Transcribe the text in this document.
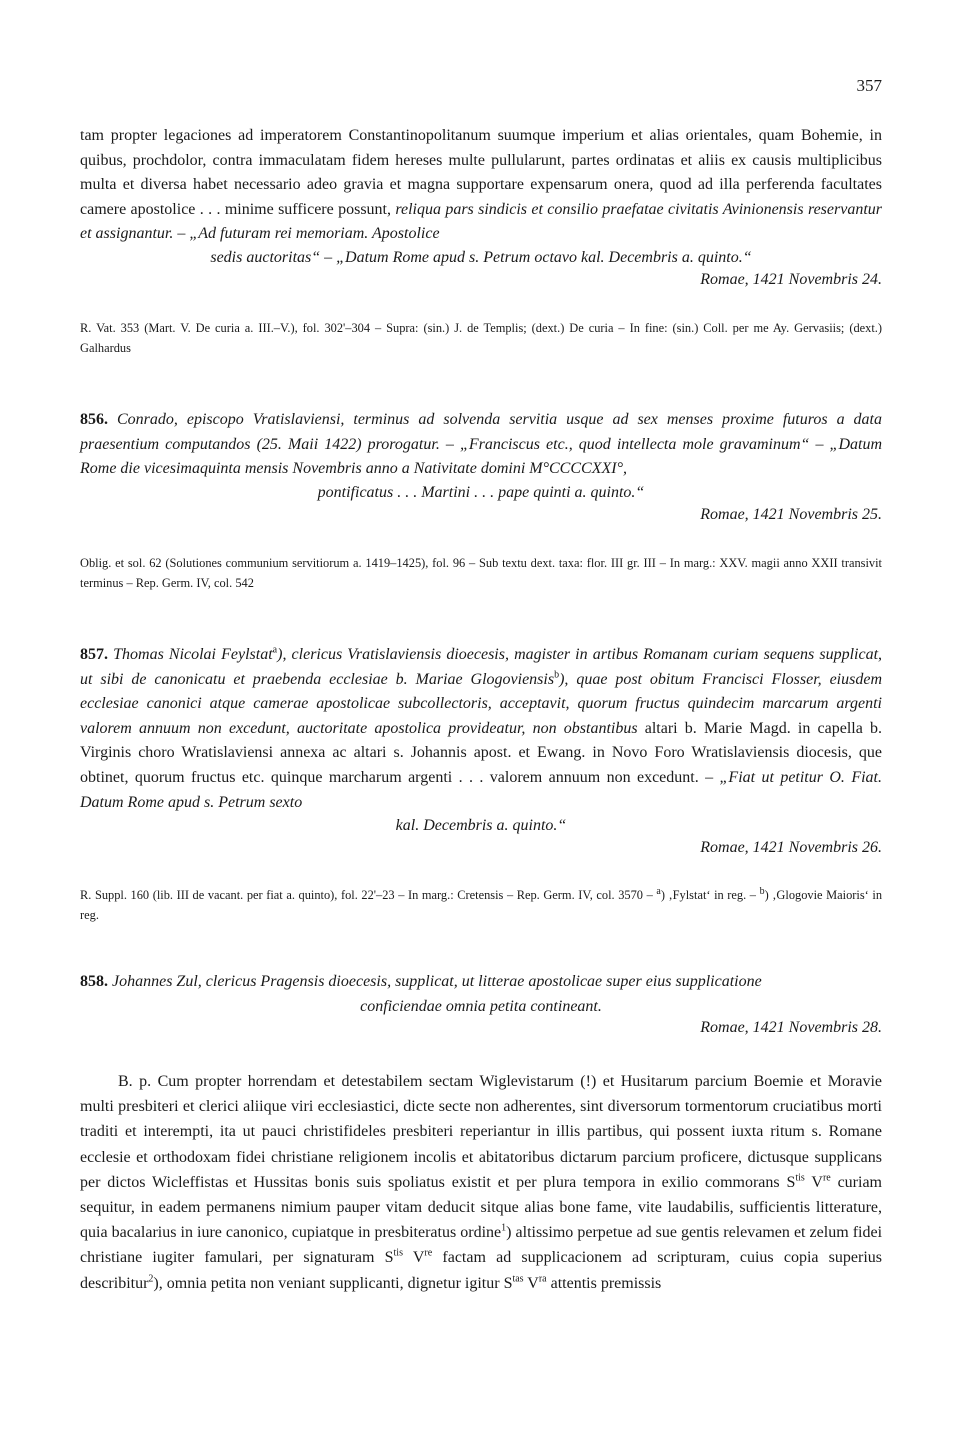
357
tam propter legaciones ad imperatorem Constantinopolitanum suumque imperium et alias orientales, quam Bohemie, in quibus, prochdolor, contra immaculatam fidem hereses multe pullularunt, partes ordinatas et aliis ex causis multiplicibus multa et diversa habet necessario adeo gravia et magna supportare expensarum onera, quod ad illa perferenda facultates camere apostolice . . . minime sufficere possunt, reliqua pars sindicis et consilio praefatae civitatis Avinionensis reservantur et assignantur. – „Ad futuram rei memoriam. Apostolice
sedis auctoritas“ – „Datum Rome apud s. Petrum octavo kal. Decembris a. quinto.“
Romae, 1421 Novembris 24.
R. Vat. 353 (Mart. V. De curia a. III.–V.), fol. 302'–304 – Supra: (sin.) J. de Templis; (dext.) De curia – In fine: (sin.) Coll. per me Ay. Gervasiis; (dext.) Galhardus
856. Conrado, episcopo Vratislaviensi, terminus ad solvenda servitia usque ad sex menses proxime futuros a data praesentium computandos (25. Maii 1422) prorogatur. – „Franciscus etc., quod intellecta mole gravaminum“ – „Datum Rome die vicesimaquinta mensis Novembris anno a Nativitate domini M°CCCCXXI°,
pontificatus . . . Martini . . . pape quinti a. quinto.“
Romae, 1421 Novembris 25.
Oblig. et sol. 62 (Solutiones communium servitiorum a. 1419–1425), fol. 96 – Sub textu dext. taxa: flor. III gr. III – In marg.: XXV. magii anno XXII transivit terminus – Rep. Germ. IV, col. 542
857. Thomas Nicolai Feylstat$^a$), clericus Vratislaviensis dioecesis, magister in artibus Romanam curiam sequens supplicat, ut sibi de canonicatu et praebenda ecclesiae b. Mariae Glogoviensis$^b$), quae post obitum Francisci Flosser, eiusdem ecclesiae canonici atque camerae apostolicae subcollectoris, acceptavit, quorum fructus quindecim marcarum argenti valorem annuum non excedunt, auctoritate apostolica provideatur, non obstantibus altari b. Marie Magd. in capella b. Virginis choro Wratislaviensi annexa ac altari s. Johannis apost. et Ewang. in Novo Foro Wratislaviensis diocesis, que obtinet, quorum fructus etc. quinque marcharum argenti . . . valorem annuum non excedunt. – „Fiat ut petitur O. Fiat. Datum Rome apud s. Petrum sexto
kal. Decembris a. quinto.“
Romae, 1421 Novembris 26.
R. Suppl. 160 (lib. III de vacant. per fiat a. quinto), fol. 22'–23 – In marg.: Cretensis – Rep. Germ. IV, col. 3570 – $^a$) ‚Fylstat‘ in reg. – $^b$) ‚Glogovie Maioris‘ in reg.
858. Johannes Zul, clericus Pragensis dioecesis, supplicat, ut litterae apostolicae super eius supplicatione
conficiendae omnia petita contineant.
Romae, 1421 Novembris 28.
B. p. Cum propter horrendam et detestabilem sectam Wiglevistarum (!) et Husitarum parcium Boemie et Moravie multi presbiteri et clerici aliique viri ecclesiastici, dicte secte non adherentes, sint diversorum tormentorum cruciatibus morti traditi et interempti, ita ut pauci christifideles presbiteri reperiantur in illis partibus, qui possent iuxta ritum s. Romane ecclesie et orthodoxam fidei christiane religionem incolis et abitatoribus dictarum parcium proficere, dictusque supplicans per dictos Wicleffistas et Hussitas bonis suis spoliatus existit et per plura tempora in exilio commorans $S^{tis}$ Vre curiam sequitur, in eadem permanens nimium pauper vitam deducit sitque alias bone fame, vite laudabilis, sufficientis litterature, quia bacalarius in iure canonico, cupiatque in presbiteratus ordine$^1$) altissimo perpetue ad sue gentis relevamen et zelum fidei christiane iugiter famulari, per signaturam $S^{tis}$ Vre factam ad supplicacionem ad scripturam, cuius copia superius describitur$^2$), omnia petita non veniant supplicanti, dignetur igitur $S^{tas}$ $V^{ra}$ attentis premissis
